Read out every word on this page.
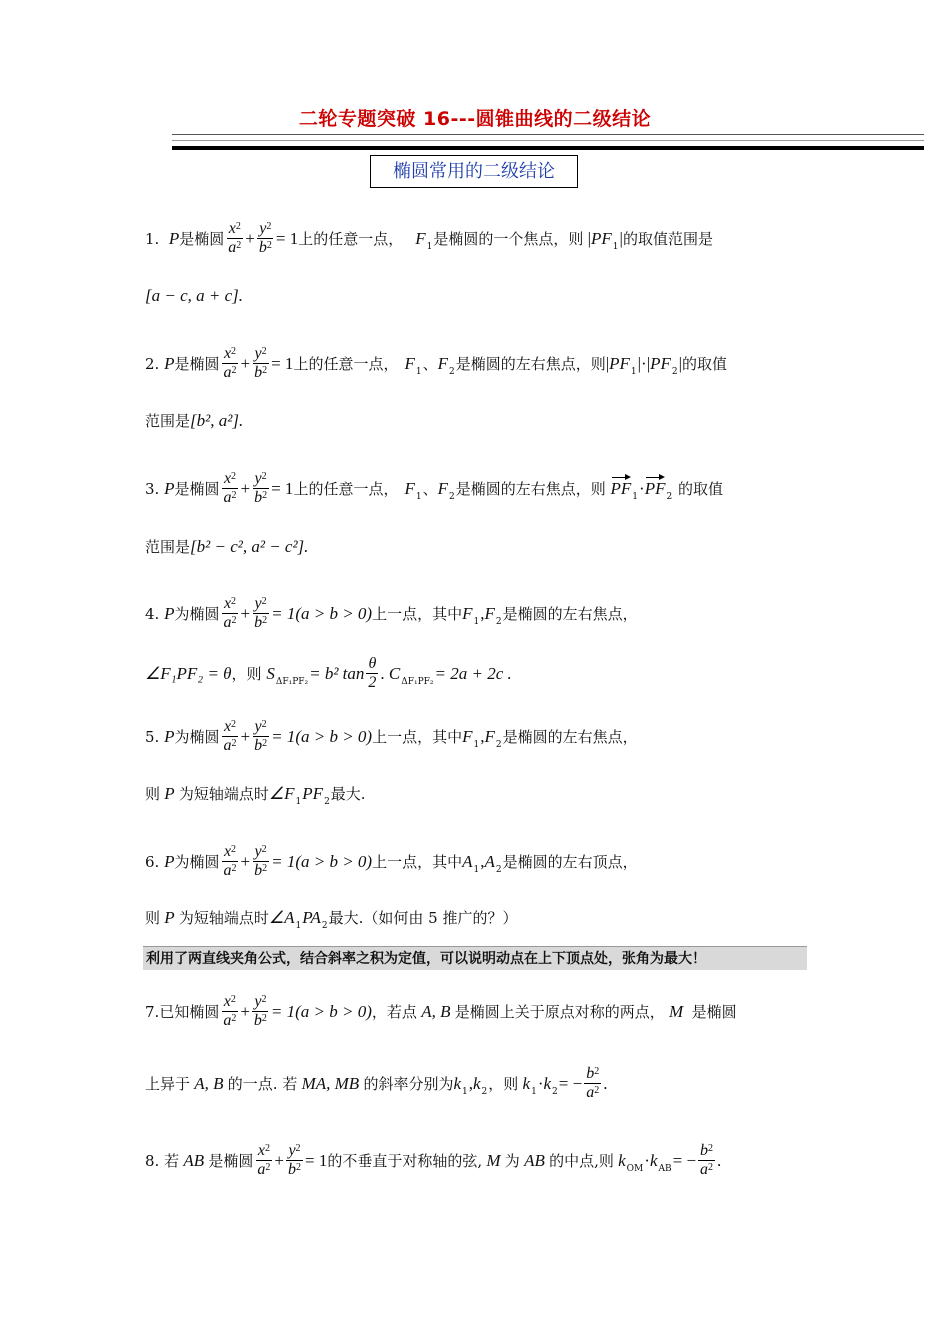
二轮专题突破 16---圆锥曲线的二级结论
椭圆常用的二级结论
1.
P 是椭圆 $\frac{x^2}{a^2} + \frac{y^2}{b^2} = 1$ 上的任意一点， F 1 是椭圆的一个焦点，则 | PF 1 | 的取值范围是
[a − c, a + c].
2.
P 是椭圆 $\frac{x^2}{a^2} + \frac{y^2}{b^2} = 1$ 上的任意一点， F 1 、 F 2 是椭圆的左右焦点，则 | PF 1 |·| PF 2 | 的取值
范围是 [b², a²].
3.
P 是椭圆 $\frac{x^2}{a^2} + \frac{y^2}{b^2} = 1$ 上的任意一点， F 1 、 F 2 是椭圆的左右焦点，则
PF 1 · PF 2
的取值
范围是 [b² − c², a² − c²].
4.
P 为椭圆 $\frac{x^2}{a^2} + \frac{y^2}{b^2} = 1(a > b > 0)$ 上一点，其中 F 1 , F 2 是椭圆的左右焦点，
∠F₁PF₂ = θ ，则
S ΔF₁PF₂ = b² $\tan \frac{\theta}{2}$ . C ΔF₁PF₂ = 2a + 2c .
5.
P 为椭圆 $\frac{x^2}{a^2} + \frac{y^2}{b^2} = 1(a > b > 0)$ 上一点，其中 F 1 , F 2 是椭圆的左右焦点，
则 P 为短轴端点时 ∠F 1 PF 2 最大.
6.
P 为椭圆 $\frac{x^2}{a^2} + \frac{y^2}{b^2} = 1(a > b > 0)$ 上一点，其中 A 1 , A 2 是椭圆的左右顶点，
则 P 为短轴端点时 ∠A 1 PA 2 最大.（如何由 5 推广的？）
利用了两直线夹角公式，结合斜率之积为定值，可以说明动点在上下顶点处，张角为最大！
7. 已知椭圆 $\frac{x^2}{a^2} + \frac{y^2}{b^2} = 1(a > b > 0)$ ，若点 A, B 是椭圆上关于原点对称的两点， M 是椭圆
上异于 A, B 的一点. 若 MA, MB 的斜率分别为 k 1 , k 2 ，则 k 1 · k 2 = − $\frac{b^2}{a^2}$ .
8.
若 AB 是椭圆 $\frac{x^2}{a^2} + \frac{y^2}{b^2} = 1$ 的不垂直于对称轴的弦, M 为 AB 的中点,则 k OM · k AB = − $\frac{b^2}{a^2}$ .
